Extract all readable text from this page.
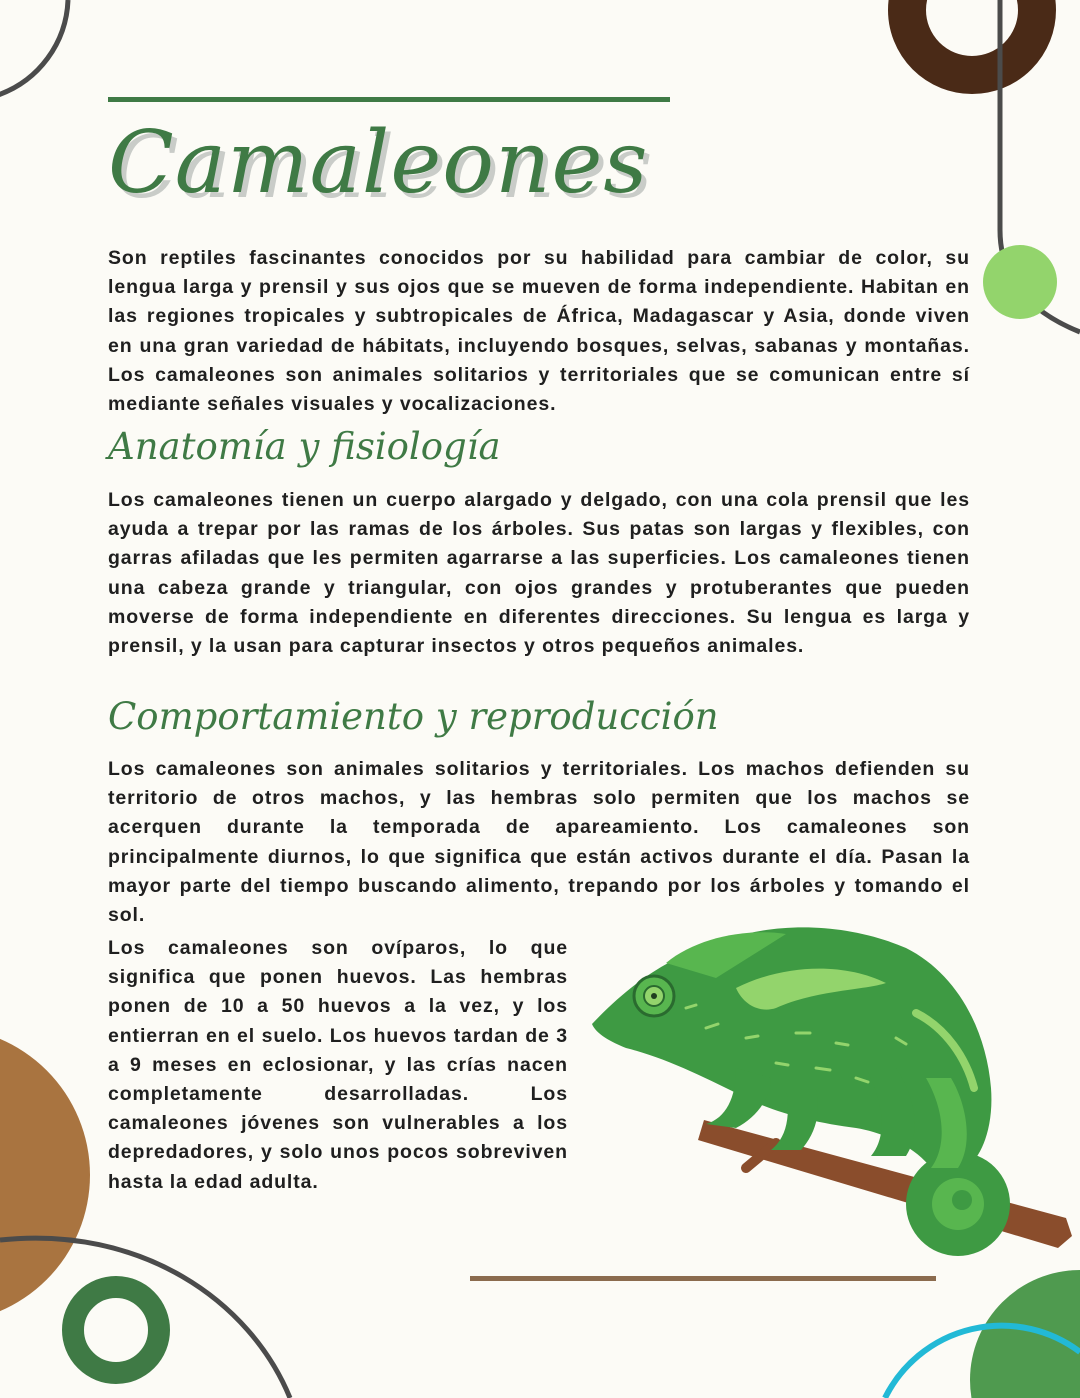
Camaleones

Son reptiles fascinantes conocidos por su habilidad para cambiar de color, su lengua larga y prensil y sus ojos que se mueven de forma independiente. Habitan en las regiones tropicales y subtropicales de África, Madagascar y Asia, donde viven en una gran variedad de hábitats, incluyendo bosques, selvas, sabanas y montañas. Los camaleones son animales solitarios y territoriales que se comunican entre sí mediante señales visuales y vocalizaciones.

Anatomía y fisiología

Los camaleones tienen un cuerpo alargado y delgado, con una cola prensil que les ayuda a trepar por las ramas de los árboles. Sus patas son largas y flexibles, con garras afiladas que les permiten agarrarse a las superficies. Los camaleones tienen una cabeza grande y triangular, con ojos grandes y protuberantes que pueden moverse de forma independiente en diferentes direcciones. Su lengua es larga y prensil, y la usan para capturar insectos y otros pequeños animales.

Comportamiento y reproducción

Los camaleones son animales solitarios y territoriales. Los machos defienden su territorio de otros machos, y las hembras solo permiten que los machos se acerquen durante la temporada de apareamiento. Los camaleones son principalmente diurnos, lo que significa que están activos durante el día. Pasan la mayor parte del tiempo buscando alimento, trepando por los árboles y tomando el sol.

Los camaleones son ovíparos, lo que significa que ponen huevos. Las hembras ponen de 10 a 50 huevos a la vez, y los entierran en el suelo. Los huevos tardan de 3 a 9 meses en eclosionar, y las crías nacen completamente desarrolladas. Los camaleones jóvenes son vulnerables a los depredadores, y solo unos pocos sobreviven hasta la edad adulta.
